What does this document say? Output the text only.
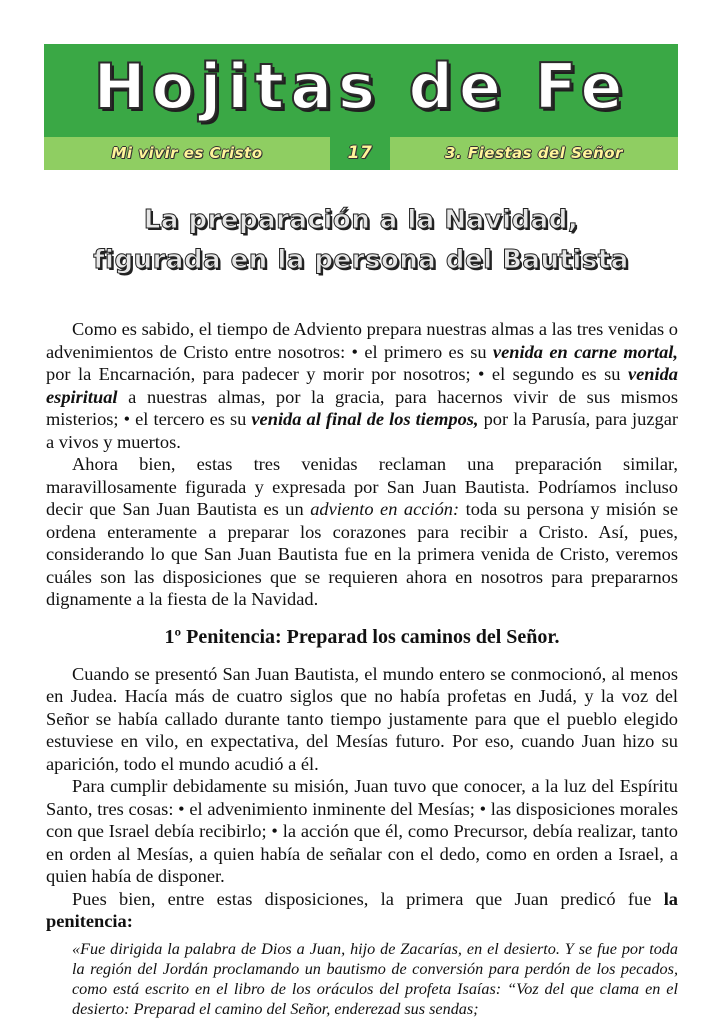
Hojitas de Fe
Mi vivir es Cristo	17	3. Fiestas del Señor
La preparación a la Navidad,
figurada en la persona del Bautista

Como es sabido, el tiempo de Adviento prepara nuestras almas a las tres venidas o advenimientos de Cristo entre nosotros: • el primero es su venida en carne mortal, por la Encarnación, para padecer y morir por nosotros; • el segundo es su venida espiritual a nuestras almas, por la gracia, para hacernos vivir de sus mismos misterios; • el tercero es su venida al final de los tiempos, por la Parusía, para juzgar a vivos y muertos.

Ahora bien, estas tres venidas reclaman una preparación similar, maravillosamente figurada y expresada por San Juan Bautista. Podríamos incluso decir que San Juan Bautista es un adviento en acción: toda su persona y misión se ordena enteramente a preparar los corazones para recibir a Cristo. Así, pues, considerando lo que San Juan Bautista fue en la primera venida de Cristo, veremos cuáles son las disposiciones que se requieren ahora en nosotros para prepararnos dignamente a la fiesta de la Navidad.

1º Penitencia: Preparad los caminos del Señor.

Cuando se presentó San Juan Bautista, el mundo entero se conmocionó, al menos en Judea. Hacía más de cuatro siglos que no había profetas en Judá, y la voz del Señor se había callado durante tanto tiempo justamente para que el pueblo elegido estuviese en vilo, en expectativa, del Mesías futuro. Por eso, cuando Juan hizo su aparición, todo el mundo acudió a él.

Para cumplir debidamente su misión, Juan tuvo que conocer, a la luz del Espíritu Santo, tres cosas: • el advenimiento inminente del Mesías; • las disposiciones morales con que Israel debía recibirlo; • la acción que él, como Precursor, debía realizar, tanto en orden al Mesías, a quien había de señalar con el dedo, como en orden a Israel, a quien había de disponer.

Pues bien, entre estas disposiciones, la primera que Juan predicó fue la penitencia:

«Fue dirigida la palabra de Dios a Juan, hijo de Zacarías, en el desierto. Y se fue por toda la región del Jordán proclamando un bautismo de conversión para perdón de los pecados, como está escrito en el libro de los oráculos del profeta Isaías: “Voz del que clama en el desierto: Preparad el camino del Señor, enderezad sus sendas;
